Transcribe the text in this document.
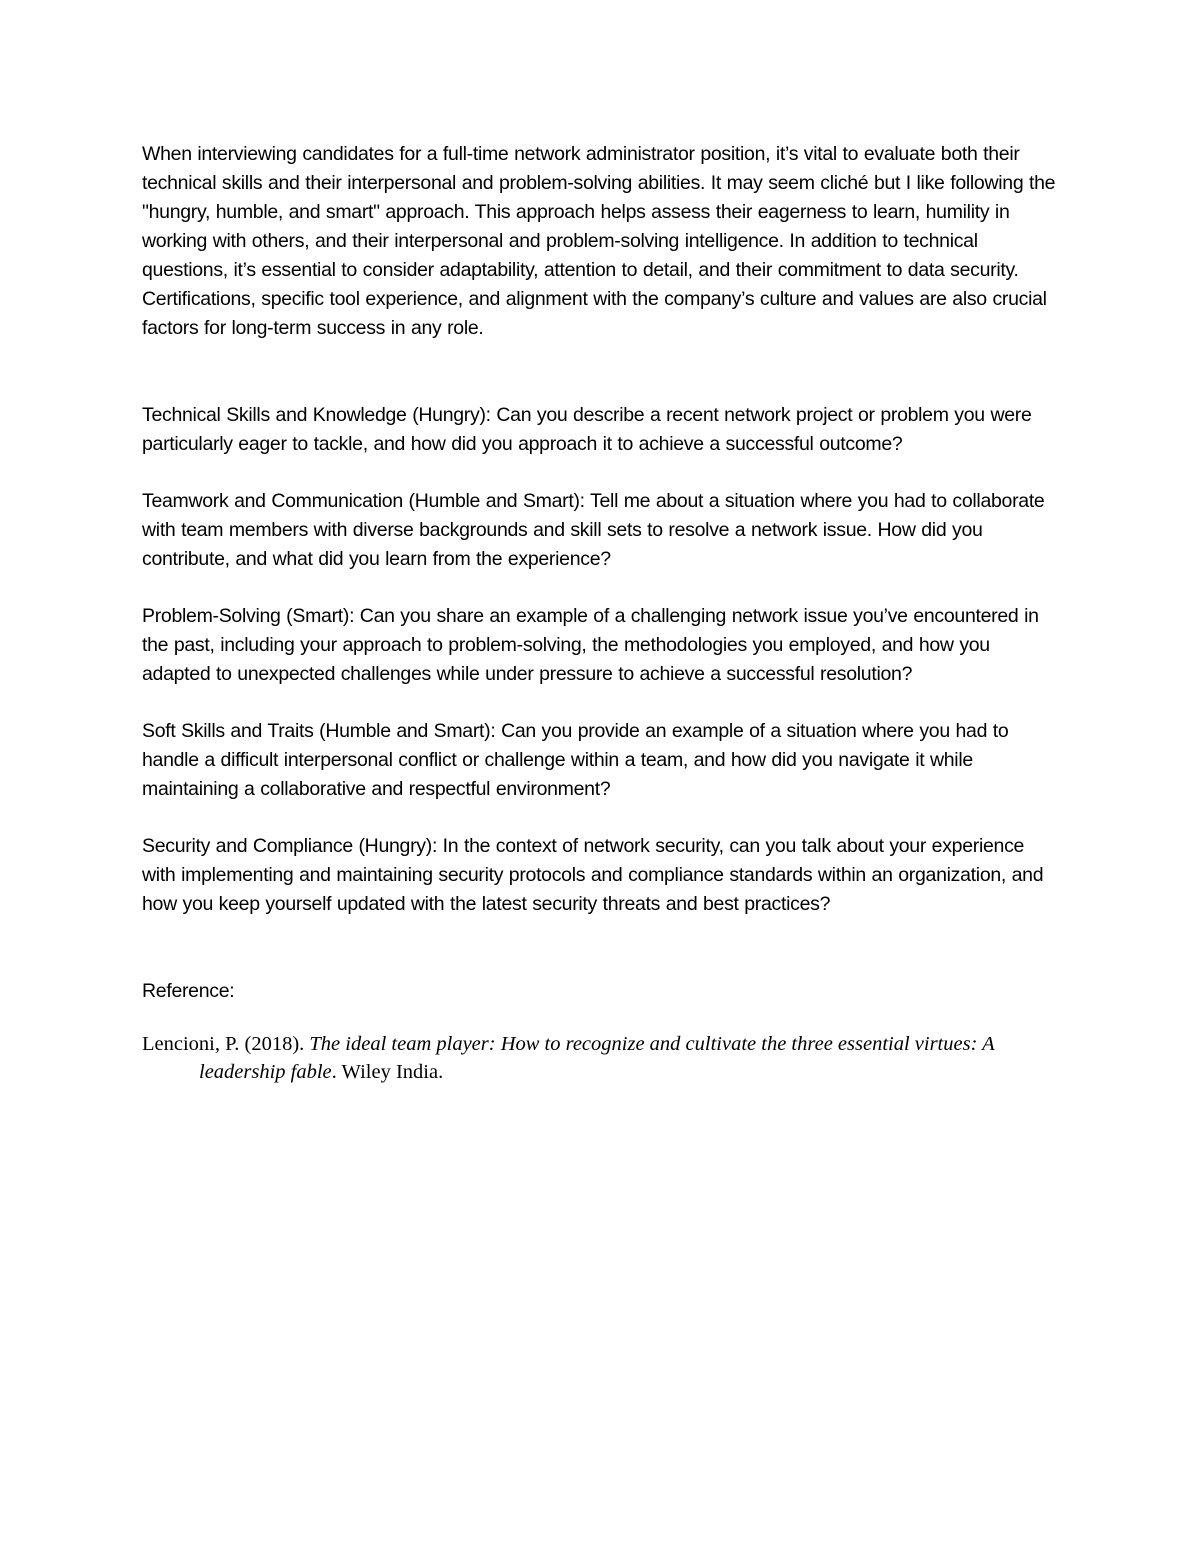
When interviewing candidates for a full-time network administrator position, it’s vital to evaluate both their technical skills and their interpersonal and problem-solving abilities. It may seem cliché but I like following the "hungry, humble, and smart" approach. This approach helps assess their eagerness to learn, humility in working with others, and their interpersonal and problem-solving intelligence. In addition to technical questions, it’s essential to consider adaptability, attention to detail, and their commitment to data security. Certifications, specific tool experience, and alignment with the company’s culture and values are also crucial factors for long-term success in any role.

Technical Skills and Knowledge (Hungry): Can you describe a recent network project or problem you were particularly eager to tackle, and how did you approach it to achieve a successful outcome?

Teamwork and Communication (Humble and Smart): Tell me about a situation where you had to collaborate with team members with diverse backgrounds and skill sets to resolve a network issue. How did you contribute, and what did you learn from the experience?

Problem-Solving (Smart): Can you share an example of a challenging network issue you’ve encountered in the past, including your approach to problem-solving, the methodologies you employed, and how you adapted to unexpected challenges while under pressure to achieve a successful resolution?

Soft Skills and Traits (Humble and Smart): Can you provide an example of a situation where you had to handle a difficult interpersonal conflict or challenge within a team, and how did you navigate it while maintaining a collaborative and respectful environment?

Security and Compliance (Hungry): In the context of network security, can you talk about your experience with implementing and maintaining security protocols and compliance standards within an organization, and how you keep yourself updated with the latest security threats and best practices?

Reference:

Lencioni, P. (2018). The ideal team player: How to recognize and cultivate the three essential virtues: A leadership fable. Wiley India.
